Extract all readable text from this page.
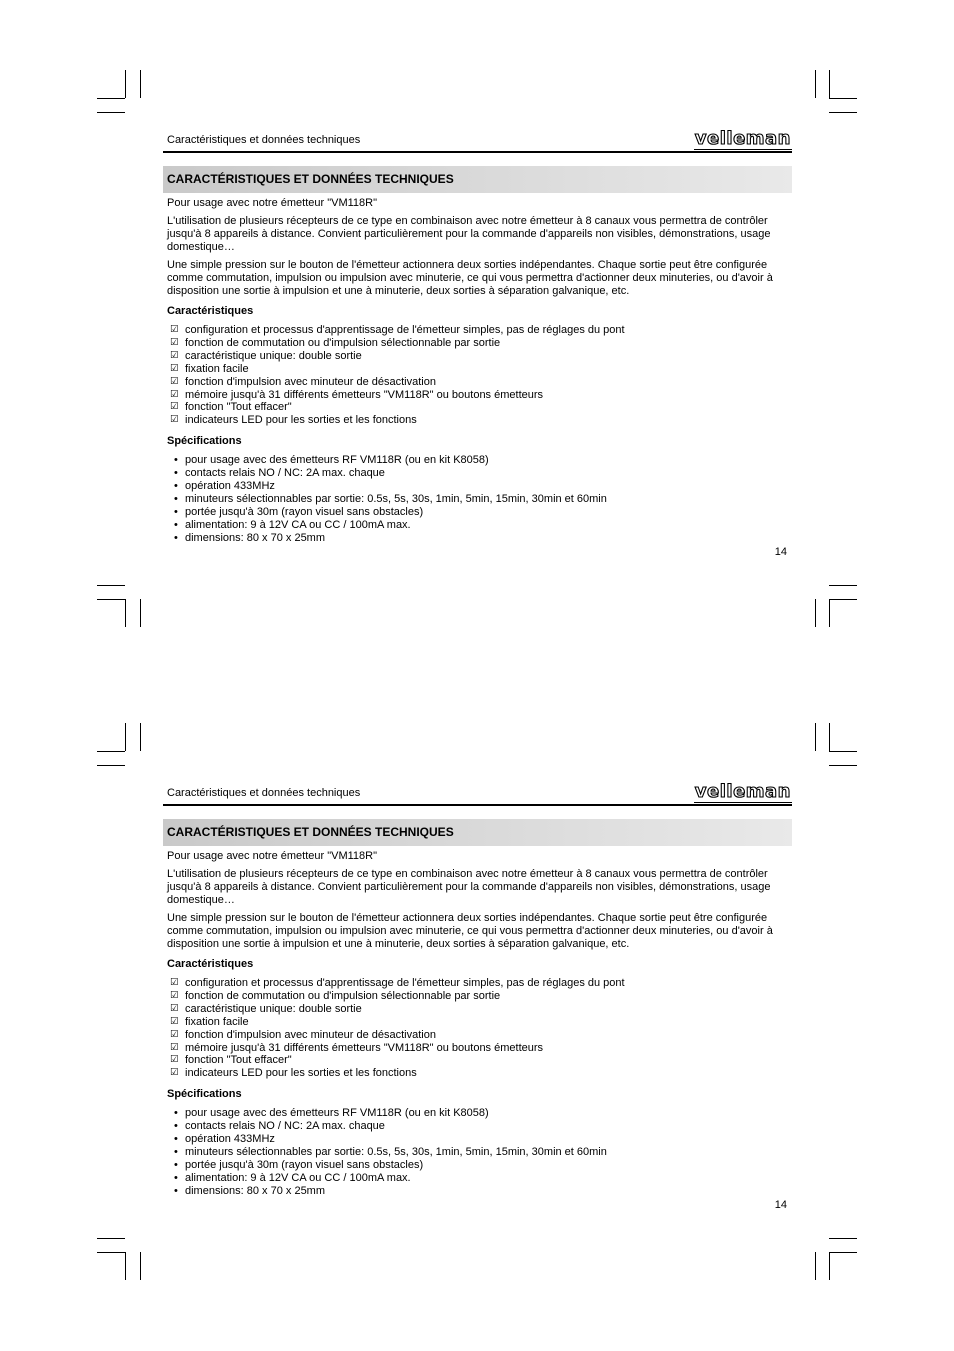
Caractéristiques et données techniques	velleman
CARACTÉRISTIQUES ET DONNÉES TECHNIQUES
Pour usage avec notre émetteur "VM118R"
L'utilisation de plusieurs récepteurs de ce type en combinaison avec notre émetteur à 8 canaux vous permettra de contrôler jusqu'à 8 appareils à distance. Convient particulièrement pour la commande d'appareils non visibles, démonstrations, usage domestique…
Une simple pression sur le bouton de l'émetteur actionnera deux sorties indépendantes. Chaque sortie peut être configurée comme commutation, impulsion ou impulsion avec minuterie, ce qui vous permettra d'actionner deux minuteries, ou d'avoir à disposition une sortie à impulsion et une à minuterie, deux sorties à séparation galvanique, etc.
Caractéristiques
☑
configuration et processus d'apprentissage de l'émetteur simples, pas de réglages du pont
☑
fonction de commutation ou d'impulsion sélectionnable par sortie
☑
caractéristique unique: double sortie
☑
fixation facile
☑
fonction d'impulsion avec minuteur de désactivation
☑
mémoire jusqu'à 31 différents émetteurs "VM118R" ou boutons émetteurs
☑
fonction "Tout effacer"
☑
indicateurs LED pour les sorties et les fonctions
Spécifications
•
pour usage avec des émetteurs RF VM118R (ou en kit K8058)
•
contacts relais NO / NC: 2A max. chaque
•
opération 433MHz
•
minuteurs sélectionnables par sortie: 0.5s, 5s, 30s, 1min, 5min, 15min, 30min et 60min
•
portée jusqu'à 30m (rayon visuel sans obstacles)
•
alimentation: 9 à 12V CA ou CC / 100mA max.
•
dimensions: 80 x 70 x 25mm
14
Caractéristiques et données techniques	velleman
CARACTÉRISTIQUES ET DONNÉES TECHNIQUES
Pour usage avec notre émetteur "VM118R"
L'utilisation de plusieurs récepteurs de ce type en combinaison avec notre émetteur à 8 canaux vous permettra de contrôler jusqu'à 8 appareils à distance. Convient particulièrement pour la commande d'appareils non visibles, démonstrations, usage domestique…
Une simple pression sur le bouton de l'émetteur actionnera deux sorties indépendantes. Chaque sortie peut être configurée comme commutation, impulsion ou impulsion avec minuterie, ce qui vous permettra d'actionner deux minuteries, ou d'avoir à disposition une sortie à impulsion et une à minuterie, deux sorties à séparation galvanique, etc.
Caractéristiques
☑
configuration et processus d'apprentissage de l'émetteur simples, pas de réglages du pont
☑
fonction de commutation ou d'impulsion sélectionnable par sortie
☑
caractéristique unique: double sortie
☑
fixation facile
☑
fonction d'impulsion avec minuteur de désactivation
☑
mémoire jusqu'à 31 différents émetteurs "VM118R" ou boutons émetteurs
☑
fonction "Tout effacer"
☑
indicateurs LED pour les sorties et les fonctions
Spécifications
•
pour usage avec des émetteurs RF VM118R (ou en kit K8058)
•
contacts relais NO / NC: 2A max. chaque
•
opération 433MHz
•
minuteurs sélectionnables par sortie: 0.5s, 5s, 30s, 1min, 5min, 15min, 30min et 60min
•
portée jusqu'à 30m (rayon visuel sans obstacles)
•
alimentation: 9 à 12V CA ou CC / 100mA max.
•
dimensions: 80 x 70 x 25mm
14
